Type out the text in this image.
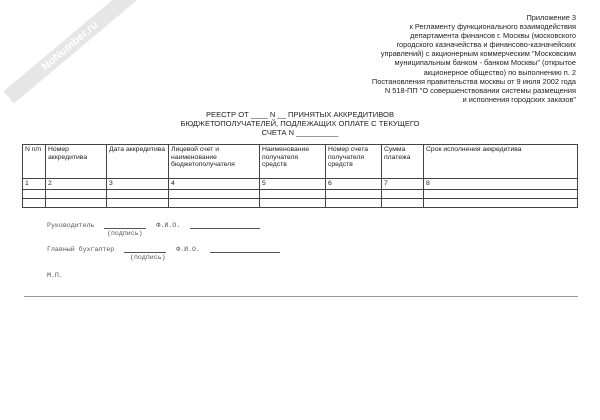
NoNumber.ru
Приложение 3
к Регламенту функционального взаимодействия
департамента финансов г. Москвы (московского
городского казначейства и финансово-казначейских
управлений) с акционерным коммерческим "Московским
муниципальным банком - банком Москвы" (открытое
акционерное общество) по выполнению п. 2
Постановления правительства москвы от 9 июля 2002 года
N 518-ПП "О совершенствовании системы размещения
и исполнения городских заказов"
РЕЕСТР ОТ ____ N __ ПРИНЯТЫХ АККРЕДИТИВОВ
БЮДЖЕТОПОЛУЧАТЕЛЕЙ, ПОДЛЕЖАЩИХ ОПЛАТЕ С ТЕКУЩЕГО
СЧЕТА N __________
N п/п	Номер аккредитива	Дата аккредитива	Лицевой счет и наименование бюджетополучателя	Наименование получателя средств	Номер счета получателя средств	Сумма платежа	Срок исполнения аккредитива
1	2	3	4	5	6	7	8

Руководитель	Ф.И.О.
(подпись)
Главный бухгалтер	Ф.И.О.
(подпись)
М.П.
